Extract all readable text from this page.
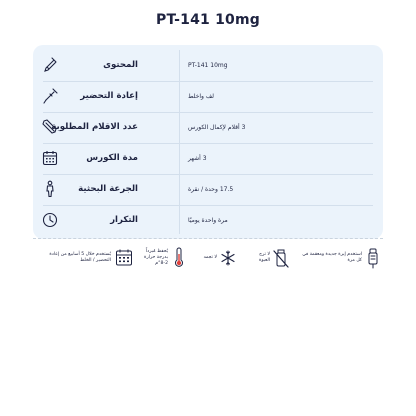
PT-141 10mg
المحتوى	PT-141 10mg
إعادة التحضير	لف واخلط
عدد الاقلام المطلوبة	3 أقلام لإكمال الكورس
مدة الكورس	3 أشهر
الجرعة البحثية	17.5 وحدة / نقرة
التكرار	مرة واحدة يوميًا
استخدم إبرة جديدة ومعقمة في كل مرة
لا ترج العبوة
لا تجمد
يُحفظ مُبرداً بدرجة حرارة 2-8°م
يُستخدم خلال 5 أسابيع من إعادة التحضير / الخلط
